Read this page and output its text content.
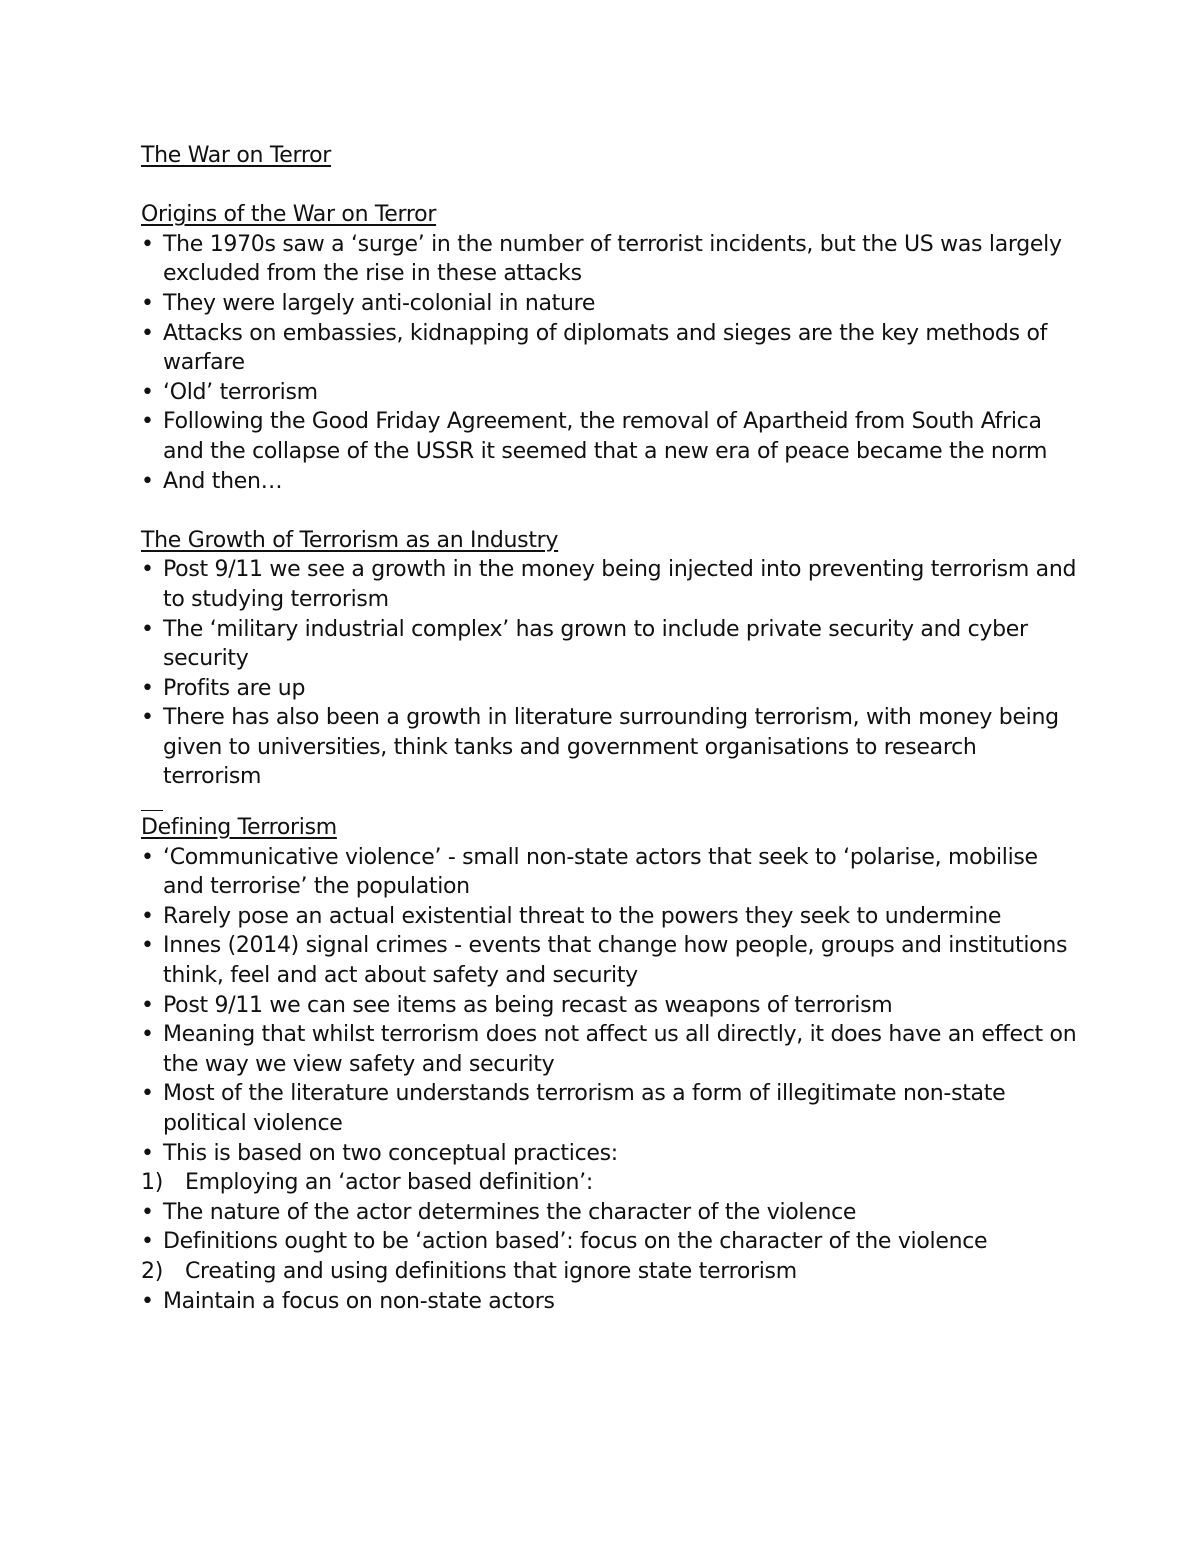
The War on Terror

Origins of the War on Terror

• The 1970s saw a ‘surge’ in the number of terrorist incidents, but the US was largely excluded from the rise in these attacks
• They were largely anti-colonial in nature
• Attacks on embassies, kidnapping of diplomats and sieges are the key methods of warfare
• ‘Old’ terrorism
• Following the Good Friday Agreement, the removal of Apartheid from South Africa and the collapse of the USSR it seemed that a new era of peace became the norm
• And then…

The Growth of Terrorism as an Industry

• Post 9/11 we see a growth in the money being injected into preventing terrorism and to studying terrorism
• The ‘military industrial complex’ has grown to include private security and cyber security
• Profits are up
• There has also been a growth in literature surrounding terrorism, with money being given to universities, think tanks and government organisations to research terrorism

Defining Terrorism

• ‘Communicative violence’ - small non-state actors that seek to ‘polarise, mobilise and terrorise’ the population
• Rarely pose an actual existential threat to the powers they seek to undermine
• Innes (2014) signal crimes - events that change how people, groups and institutions think, feel and act about safety and security
• Post 9/11 we can see items as being recast as weapons of terrorism
• Meaning that whilst terrorism does not affect us all directly, it does have an effect on the way we view safety and security
• Most of the literature understands terrorism as a form of illegitimate non-state political violence
• This is based on two conceptual practices:
1) Employing an ‘actor based definition’:
• The nature of the actor determines the character of the violence
• Definitions ought to be ‘action based’: focus on the character of the violence
2) Creating and using definitions that ignore state terrorism
• Maintain a focus on non-state actors
